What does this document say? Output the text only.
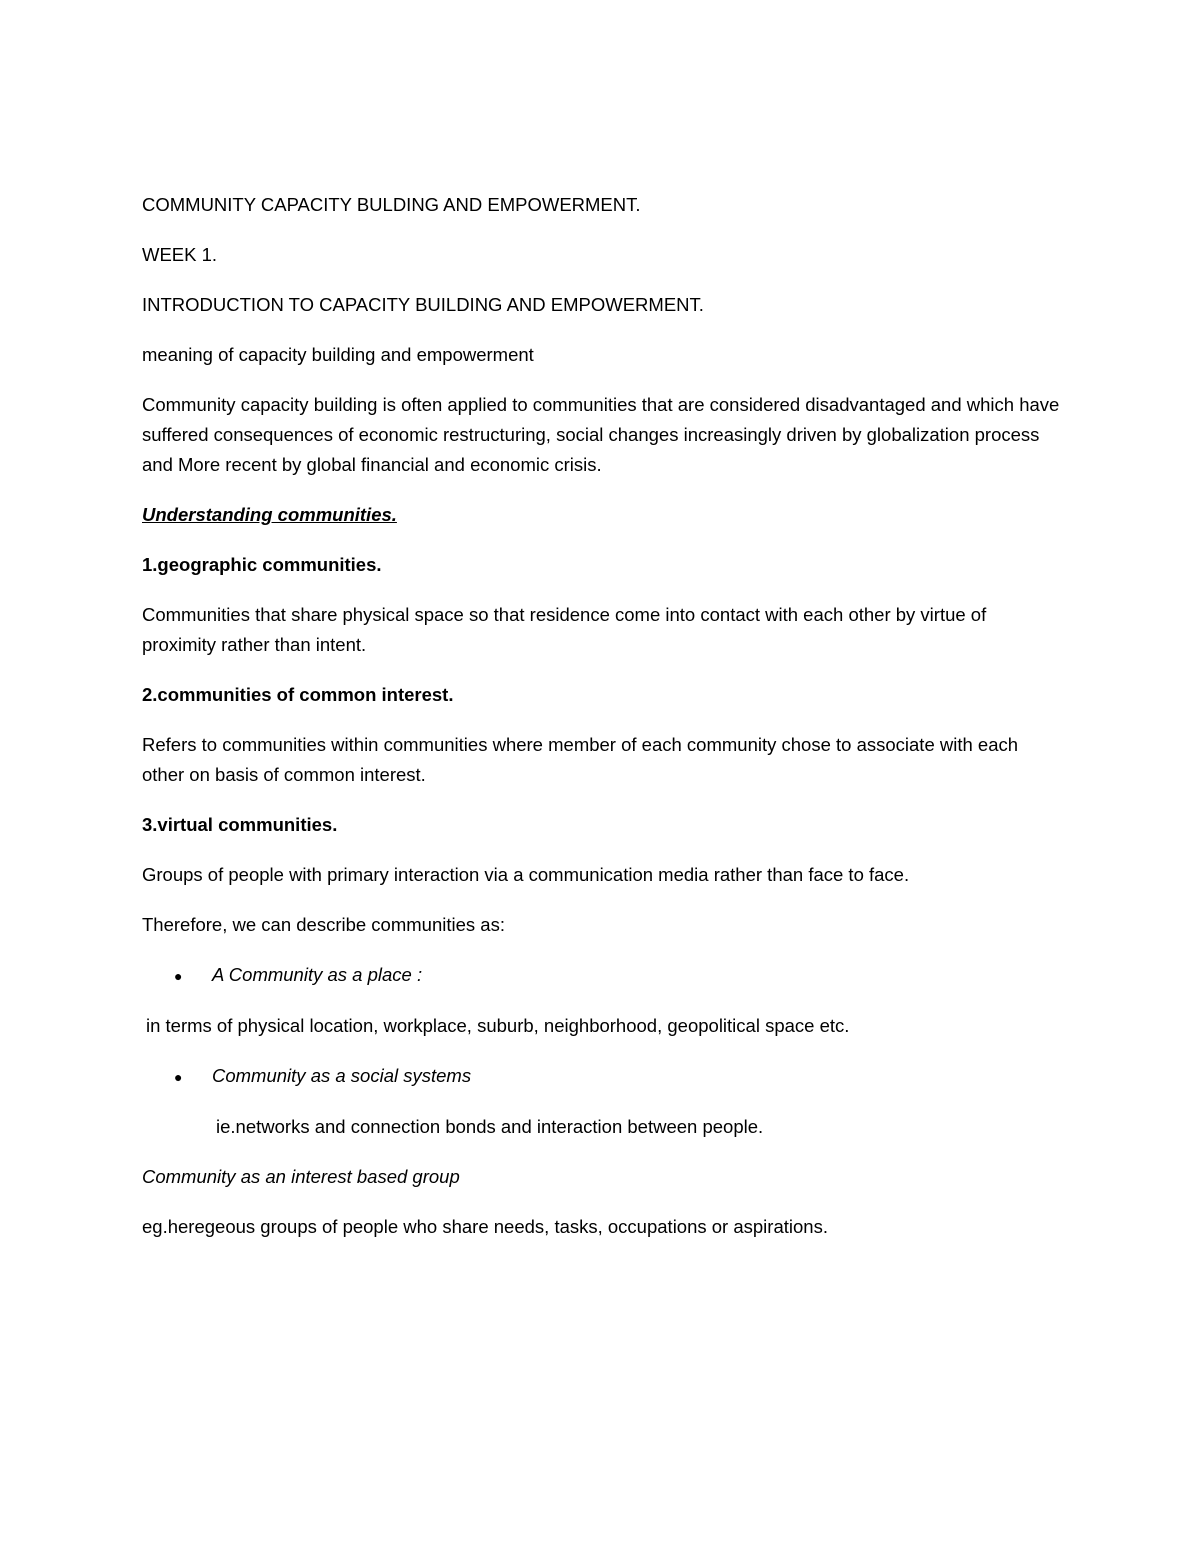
COMMUNITY CAPACITY BULDING AND EMPOWERMENT.

WEEK 1.

INTRODUCTION TO CAPACITY BUILDING AND EMPOWERMENT.

meaning of capacity building and empowerment

Community capacity building is often applied to communities that are considered disadvantaged and which have suffered consequences of economic restructuring, social changes increasingly driven by globalization process and More recent by global financial and economic crisis.

Understanding communities.

1.geographic communities.

Communities that share physical space so that residence come into contact with each other by virtue of proximity rather than intent.

2.communities of common interest.

Refers to communities within communities where member of each community chose to associate with each other on basis of common interest.

3.virtual communities.

Groups of people with primary interaction via a communication media rather than face to face.

Therefore, we can describe communities as:

●	A Community as a place :

in terms of physical location, workplace, suburb, neighborhood, geopolitical space etc.

●	Community as a social systems

ie.networks and connection bonds and interaction between people.

Community as an interest based group

eg.heregeous groups of people who share needs, tasks, occupations or aspirations.
